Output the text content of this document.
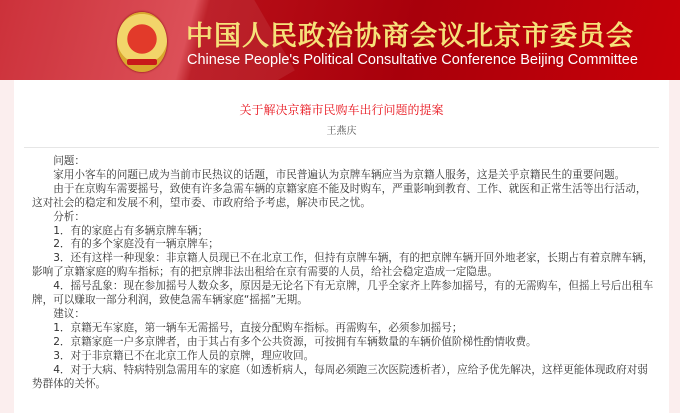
中国人民政治协商会议北京市委员会
Chinese People's Political Consultative Conference Beijing Committee
关于解决京籍市民购车出行问题的提案
王燕庆

问题：

家用小客车的问题已成为当前市民热议的话题，市民普遍认为京牌车辆应当为京籍人服务，这是关乎京籍民生的重要问题。

由于在京购车需要摇号，致使有许多急需车辆的京籍家庭不能及时购车，严重影响到教育、工作、就医和正常生活等出行活动，这对社会的稳定和发展不利，望市委、市政府给予考虑，解决市民之忧。

分析：

1．有的家庭占有多辆京牌车辆；

2．有的多个家庭没有一辆京牌车；

3．还有这样一种现象：非京籍人员现已不在北京工作，但持有京牌车辆，有的把京牌车辆开回外地老家，长期占有着京牌车辆，影响了京籍家庭的购车指标；有的把京牌非法出租给在京有需要的人员，给社会稳定造成一定隐患。

4．摇号乱象：现在参加摇号人数众多，原因是无论名下有无京牌，几乎全家齐上阵参加摇号，有的无需购车，但摇上号后出租车牌，可以赚取一部分利润，致使急需车辆家庭“摇摇”无期。

建议：

1．京籍无车家庭，第一辆车无需摇号，直接分配购车指标。再需购车，必须参加摇号；

2．京籍家庭一户多京牌者，由于其占有多个公共资源，可按拥有车辆数量的车辆价值阶梯性酌情收费。

3．对于非京籍已不在北京工作人员的京牌，理应收回。

4．对于大病、特病特别急需用车的家庭（如透析病人，每周必须跑三次医院透析者），应给予优先解决，这样更能体现政府对弱势群体的关怀。
